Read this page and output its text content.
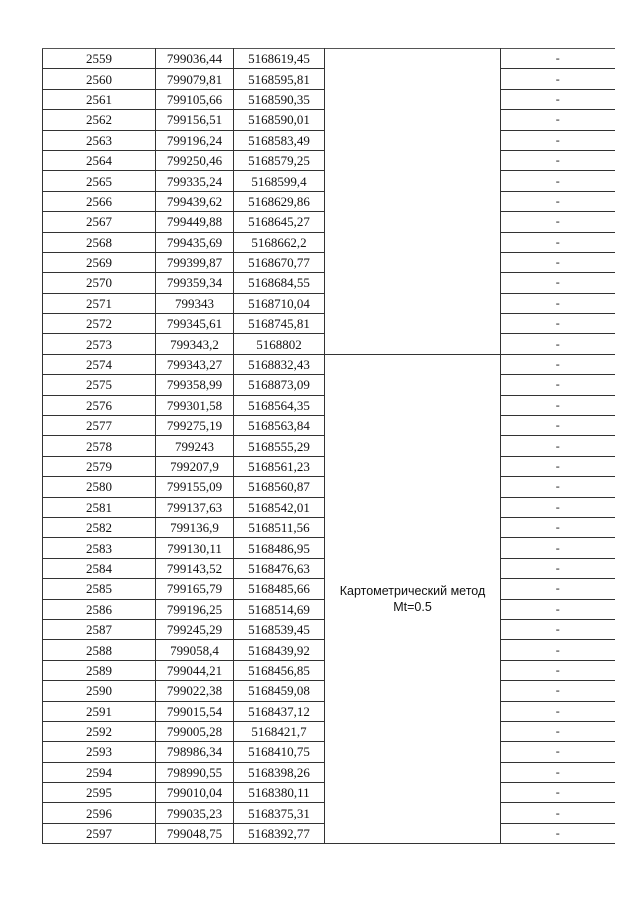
2559	799036,44	5168619,45		-
2560	799079,81	5168595,81		-
2561	799105,66	5168590,35		-
2562	799156,51	5168590,01		-
2563	799196,24	5168583,49		-
2564	799250,46	5168579,25		-
2565	799335,24	5168599,4		-
2566	799439,62	5168629,86		-
2567	799449,88	5168645,27		-
2568	799435,69	5168662,2		-
2569	799399,87	5168670,77		-
2570	799359,34	5168684,55		-
2571	799343	5168710,04		-
2572	799345,61	5168745,81		-
2573	799343,2	5168802		-
2574	799343,27	5168832,43	Картометрический метод
Mt=0.5	-
2575	799358,99	5168873,09		-
2576	799301,58	5168564,35		-
2577	799275,19	5168563,84		-
2578	799243	5168555,29		-
2579	799207,9	5168561,23		-
2580	799155,09	5168560,87		-
2581	799137,63	5168542,01		-
2582	799136,9	5168511,56		-
2583	799130,11	5168486,95		-
2584	799143,52	5168476,63		-
2585	799165,79	5168485,66		-
2586	799196,25	5168514,69		-
2587	799245,29	5168539,45		-
2588	799058,4	5168439,92		-
2589	799044,21	5168456,85		-
2590	799022,38	5168459,08		-
2591	799015,54	5168437,12		-
2592	799005,28	5168421,7		-
2593	798986,34	5168410,75		-
2594	798990,55	5168398,26		-
2595	799010,04	5168380,11		-
2596	799035,23	5168375,31		-
2597	799048,75	5168392,77		-
